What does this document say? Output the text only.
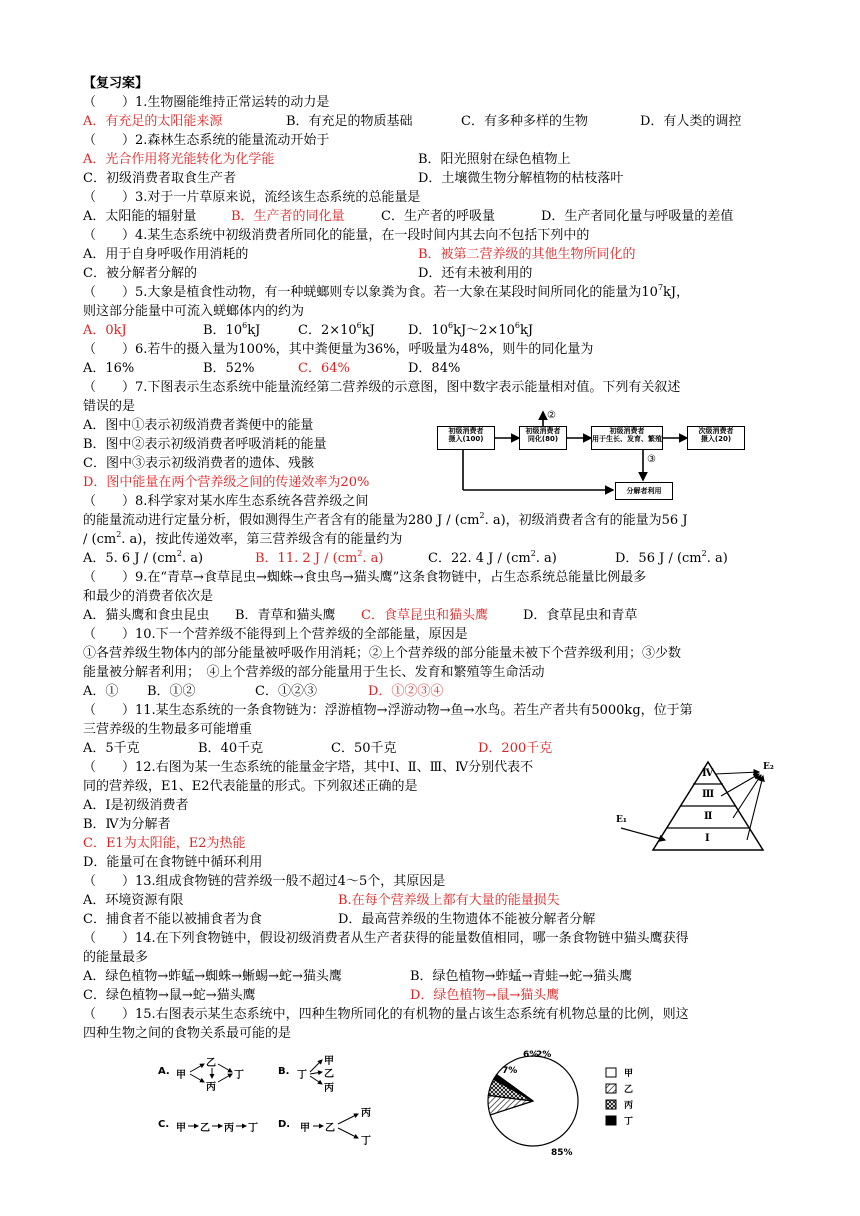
【复习案】
（　　）1.生物圈能维持正常运转的动力是
A．有充足的太阳能来源	B．有充足的物质基础	C．有多种多样的生物	D．有人类的调控
（　　）2.森林生态系统的能量流动开始于
A．光合作用将光能转化为化学能	B．阳光照射在绿色植物上
C．初级消费者取食生产者	D．土壤微生物分解植物的枯枝落叶
（　　）3.对于一片草原来说，流经该生态系统的总能量是
A．太阳能的辐射量	B．生产者的同化量	C．生产者的呼吸量	D．生产者同化量与呼吸量的差值
（　　）4.某生态系统中初级消费者所同化的能量，在一段时间内其去向不包括下列中的
A．用于自身呼吸作用消耗的	B．被第二营养级的其他生物所同化的
C．被分解者分解的	D．还有未被利用的
（　　）5.大象是植食性动物，有一种蜣螂则专以象粪为食。若一大象在某段时间所同化的能量为$10^7kJ$，
则这部分能量中可流入蜣螂体内的约为
A．0kJ	B．$10^6kJ$	C．$2\times 10^6kJ$	D．$10^6kJ\sim 2\times 10^6kJ$
（　　）6.若牛的摄入量为100%，其中粪便量为36%，呼吸量为48%，则牛的同化量为
A．16%	B．52%	C．64%	D．84%
（　　）7.下图表示生态系统中能量流经第二营养级的示意图，图中数字表示能量相对值。下列有关叙述
错误的是
A．图中①表示初级消费者粪便中的能量
B．图中②表示初级消费者呼吸消耗的能量
C．图中③表示初级消费者的遗体、残骸
D．图中能量在两个营养级之间的传递效率为20%
初级消费者
摄入(100)
初级消费者
同化(80)
初级消费者
用于生长、发育、繁殖
次级消费者
摄入(20)
分解者利用
②
③
（　　）8.科学家对某水库生态系统各营养级之间
的能量流动进行定量分析，假如测得生产者含有的能量为280 J / ($cm^2$. a)，初级消费者含有的能量为56 J
/ ($cm^2$. a)，按此传递效率，第三营养级含有的能量约为
A．5. 6 J / ($cm^2$. a)	B．11. 2 J / ($cm^2$. a)	C．22. 4 J / ($cm^2$. a)	D．56 J / ($cm^2$. a)
（　　）9.在“青草→食草昆虫→蜘蛛→食虫鸟→猫头鹰”这条食物链中，占生态系统总能量比例最多
和最少的消费者依次是
A．猫头鹰和食虫昆虫 B．青草和猫头鹰 C．食草昆虫和猫头鹰	D．食草昆虫和青草
（　　）10.下一个营养级不能得到上个营养级的全部能量，原因是
①各营养级生物体内的部分能量被呼吸作用消耗；②上个营养级的部分能量未被下个营养级利用；③少数
能量被分解者利用；　④上个营养级的部分能量用于生长、发育和繁殖等生命活动
A．① B．①②	C．①②③	D．①②③④
（　　）11.某生态系统的一条食物链为：浮游植物→浮游动物→鱼→水鸟。若生产者共有5000kg，位于第
三营养级的生物最多可能增重
A．5千克	B．40千克	C．50千克	D．200千克
（　　）12.右图为某一生态系统的能量金字塔，其中Ⅰ、Ⅱ、Ⅲ、Ⅳ分别代表不
同的营养级，E1、E2代表能量的形式。下列叙述正确的是
A．Ⅰ是初级消费者
B．Ⅳ为分解者
C．E1为太阳能，E2为热能
D．能量可在食物链中循环利用
Ⅳ
Ⅲ
Ⅱ
Ⅰ
E₁
E₂
（　　）13.组成食物链的营养级一般不超过4～5个，其原因是
A．环境资源有限	B.在每个营养级上都有大量的能量损失
C．捕食者不能以被捕食者为食	D．最高营养级的生物遗体不能被分解者分解
（　　）14.在下列食物链中，假设初级消费者从生产者获得的能量数值相同，哪一条食物链中猫头鹰获得
的能量最多
A．绿色植物→蚱蜢→蜘蛛→蜥蜴→蛇→猫头鹰	B．绿色植物→蚱蜢→青蛙→蛇→猫头鹰
C．绿色植物→鼠→蛇→猫头鹰	D．绿色植物→鼠→猫头鹰
（　　）15.右图表示某生态系统中，四种生物所同化的有机物的量占该生态系统有机物总量的比例，则这
四种生物之间的食物关系最可能的是
A. 甲
乙
丙
丁	B. 丁
甲
乙
丙
C. 甲 乙 丙 丁 D. 甲 乙
丙
丁
85%
7%
6%
2%
甲
乙
丙
丁
